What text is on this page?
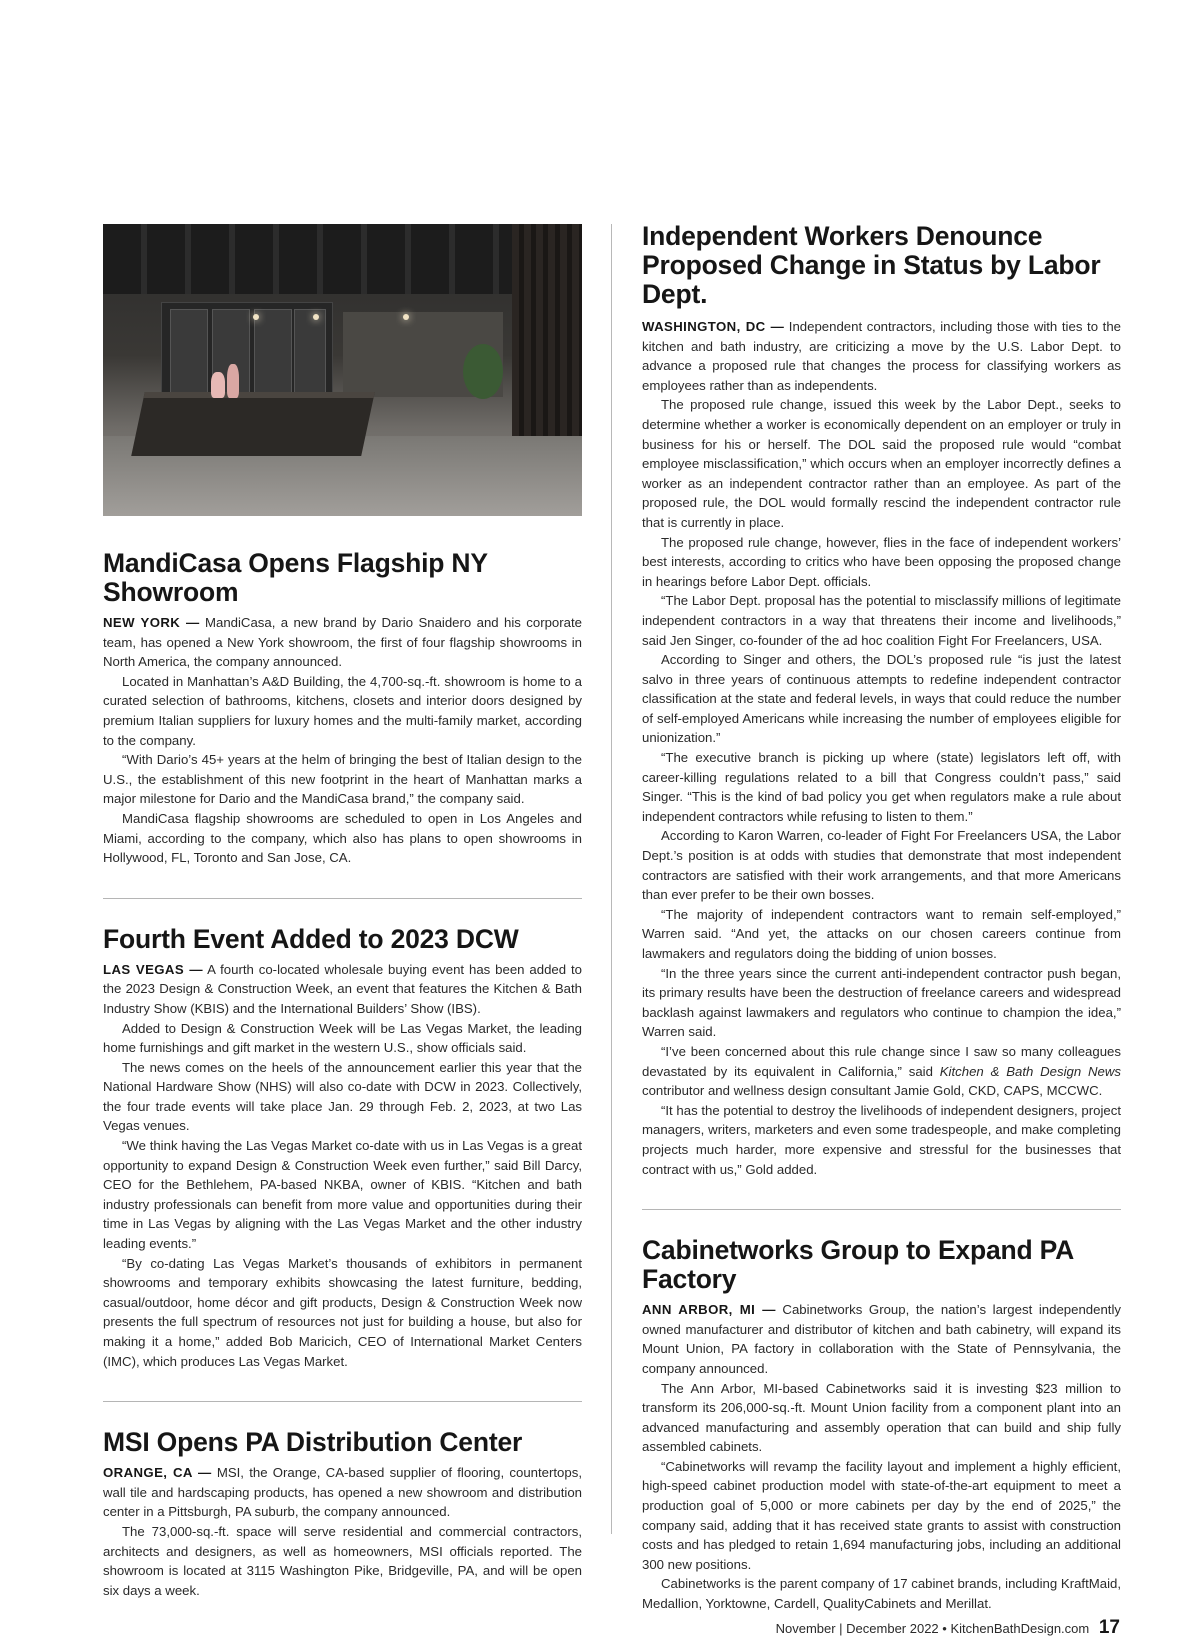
MandiCasa Opens Flagship NY Showroom

NEW YORK — MandiCasa, a new brand by Dario Snaidero and his corporate team, has opened a New York showroom, the first of four flagship showrooms in North America, the company announced.

Located in Manhattan’s A&D Building, the 4,700-sq.-ft. showroom is home to a curated selection of bathrooms, kitchens, closets and interior doors designed by premium Italian suppliers for luxury homes and the multi-family market, according to the company.

“With Dario’s 45+ years at the helm of bringing the best of Italian design to the U.S., the establishment of this new footprint in the heart of Manhattan marks a major milestone for Dario and the MandiCasa brand,” the company said.

MandiCasa flagship showrooms are scheduled to open in Los Angeles and Miami, according to the company, which also has plans to open showrooms in Hollywood, FL, Toronto and San Jose, CA.

Fourth Event Added to 2023 DCW

LAS VEGAS — A fourth co-located wholesale buying event has been added to the 2023 Design & Construction Week, an event that features the Kitchen & Bath Industry Show (KBIS) and the International Builders’ Show (IBS).

Added to Design & Construction Week will be Las Vegas Market, the leading home furnishings and gift market in the western U.S., show officials said.

The news comes on the heels of the announcement earlier this year that the National Hardware Show (NHS) will also co-date with DCW in 2023. Collectively, the four trade events will take place Jan. 29 through Feb. 2, 2023, at two Las Vegas venues.

“We think having the Las Vegas Market co-date with us in Las Vegas is a great opportunity to expand Design & Construction Week even further,” said Bill Darcy, CEO for the Bethlehem, PA-based NKBA, owner of KBIS. “Kitchen and bath industry professionals can benefit from more value and opportunities during their time in Las Vegas by aligning with the Las Vegas Market and the other industry leading events.”

“By co-dating Las Vegas Market’s thousands of exhibitors in permanent showrooms and temporary exhibits showcasing the latest furniture, bedding, casual/outdoor, home décor and gift products, Design & Construction Week now presents the full spectrum of resources not just for building a house, but also for making it a home,” added Bob Maricich, CEO of International Market Centers (IMC), which produces Las Vegas Market.

MSI Opens PA Distribution Center

ORANGE, CA — MSI, the Orange, CA-based supplier of flooring, countertops, wall tile and hardscaping products, has opened a new showroom and distribution center in a Pittsburgh, PA suburb, the company announced.

The 73,000-sq.-ft. space will serve residential and commercial contractors, architects and designers, as well as homeowners, MSI officials reported. The showroom is located at 3115 Washington Pike, Bridgeville, PA, and will be open six days a week.

Independent Workers Denounce Proposed Change in Status by Labor Dept.

WASHINGTON, DC — Independent contractors, including those with ties to the kitchen and bath industry, are criticizing a move by the U.S. Labor Dept. to advance a proposed rule that changes the process for classifying workers as employees rather than as independents.

The proposed rule change, issued this week by the Labor Dept., seeks to determine whether a worker is economically dependent on an employer or truly in business for his or herself. The DOL said the proposed rule would “combat employee misclassification,” which occurs when an employer incorrectly defines a worker as an independent contractor rather than an employee. As part of the proposed rule, the DOL would formally rescind the independent contractor rule that is currently in place.

The proposed rule change, however, flies in the face of independent workers’ best interests, according to critics who have been opposing the proposed change in hearings before Labor Dept. officials.

“The Labor Dept. proposal has the potential to misclassify millions of legitimate independent contractors in a way that threatens their income and livelihoods,” said Jen Singer, co-founder of the ad hoc coalition Fight For Freelancers, USA.

According to Singer and others, the DOL’s proposed rule “is just the latest salvo in three years of continuous attempts to redefine independent contractor classification at the state and federal levels, in ways that could reduce the number of self-employed Americans while increasing the number of employees eligible for unionization.”

“The executive branch is picking up where (state) legislators left off, with career-killing regulations related to a bill that Congress couldn’t pass,” said Singer. “This is the kind of bad policy you get when regulators make a rule about independent contractors while refusing to listen to them.”

According to Karon Warren, co-leader of Fight For Freelancers USA, the Labor Dept.’s position is at odds with studies that demonstrate that most independent contractors are satisfied with their work arrangements, and that more Americans than ever prefer to be their own bosses.

“The majority of independent contractors want to remain self-employed,” Warren said. “And yet, the attacks on our chosen careers continue from lawmakers and regulators doing the bidding of union bosses.

“In the three years since the current anti-independent contractor push began, its primary results have been the destruction of freelance careers and widespread backlash against lawmakers and regulators who continue to champion the idea,” Warren said.

“I’ve been concerned about this rule change since I saw so many colleagues devastated by its equivalent in California,” said Kitchen & Bath Design News contributor and wellness design consultant Jamie Gold, CKD, CAPS, MCCWC.

“It has the potential to destroy the livelihoods of independent designers, project managers, writers, marketers and even some tradespeople, and make completing projects much harder, more expensive and stressful for the businesses that contract with us,” Gold added.

Cabinetworks Group to Expand PA Factory

ANN ARBOR, MI — Cabinetworks Group, the nation’s largest independently owned manufacturer and distributor of kitchen and bath cabinetry, will expand its Mount Union, PA factory in collaboration with the State of Pennsylvania, the company announced.

The Ann Arbor, MI-based Cabinetworks said it is investing $23 million to transform its 206,000-sq.-ft. Mount Union facility from a component plant into an advanced manufacturing and assembly operation that can build and ship fully assembled cabinets.

“Cabinetworks will revamp the facility layout and implement a highly efficient, high-speed cabinet production model with state-of-the-art equipment to meet a production goal of 5,000 or more cabinets per day by the end of 2025,” the company said, adding that it has received state grants to assist with construction costs and has pledged to retain 1,694 manufacturing jobs, including an additional 300 new positions.

Cabinetworks is the parent company of 17 cabinet brands, including KraftMaid, Medallion, Yorktowne, Cardell, QualityCabinets and Merillat.

November | December 2022 • KitchenBathDesign.com 17
